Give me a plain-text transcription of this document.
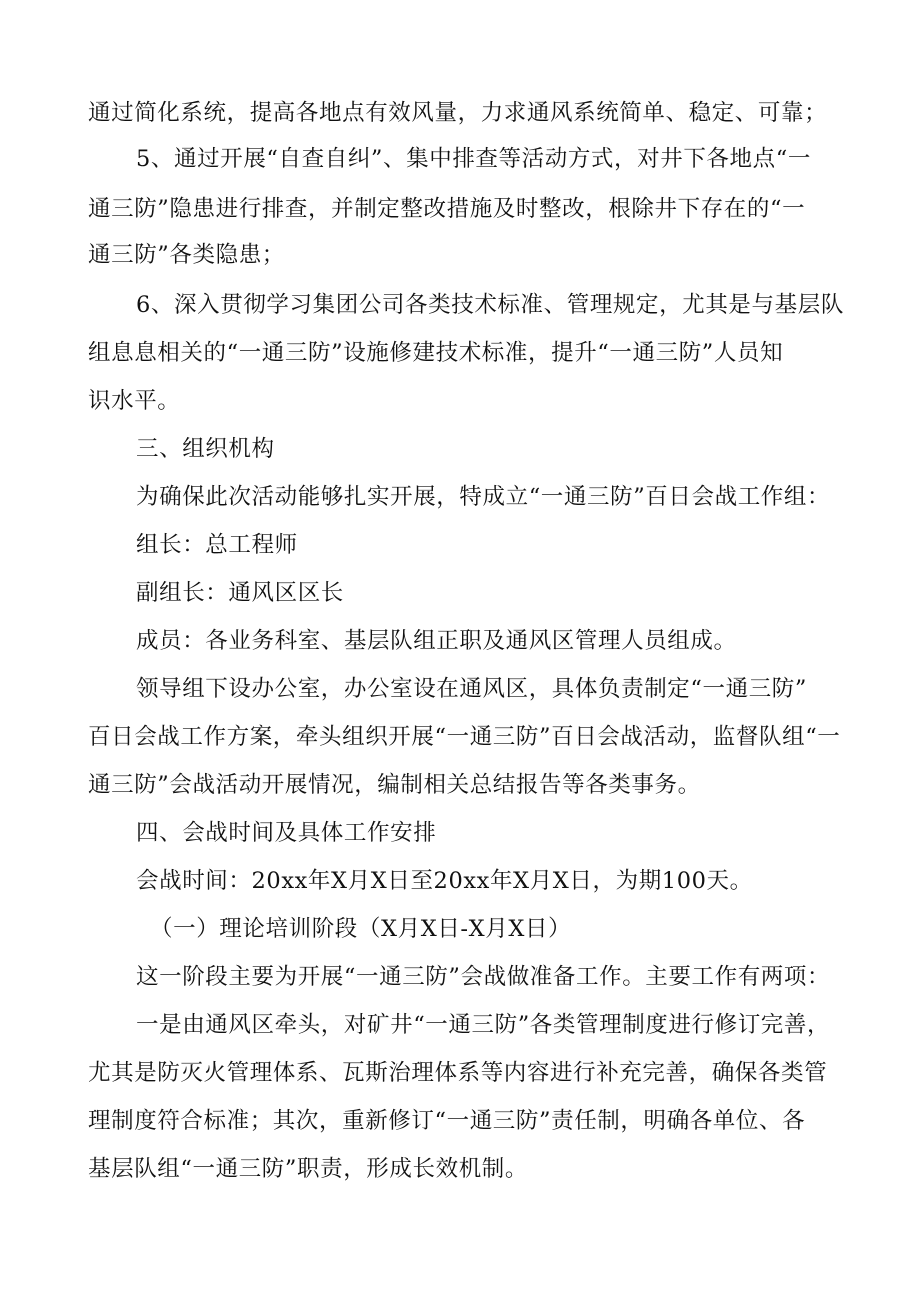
通过简化系统，提高各地点有效风量，力求通风系统简单、稳定、可靠；
5、通过开展“自查自纠”、集中排查等活动方式，对井下各地点“一
通三防”隐患进行排查，并制定整改措施及时整改，根除井下存在的“一
通三防”各类隐患；
6、深入贯彻学习集团公司各类技术标准、管理规定，尤其是与基层队
组息息相关的“一通三防”设施修建技术标准，提升“一通三防”人员知
识水平。
三、组织机构
为确保此次活动能够扎实开展，特成立“一通三防”百日会战工作组：
组长：总工程师
副组长：通风区区长
成员：各业务科室、基层队组正职及通风区管理人员组成。
领导组下设办公室，办公室设在通风区，具体负责制定“一通三防”
百日会战工作方案，牵头组织开展“一通三防”百日会战活动，监督队组“一
通三防”会战活动开展情况，编制相关总结报告等各类事务。
四、会战时间及具体工作安排
会战时间：20xx年X月X日至20xx年X月X日，为期100天。
（一）理论培训阶段（X月X日-X月X日）
这一阶段主要为开展“一通三防”会战做准备工作。主要工作有两项：
一是由通风区牵头，对矿井“一通三防”各类管理制度进行修订完善，
尤其是防灭火管理体系、瓦斯治理体系等内容进行补充完善，确保各类管
理制度符合标准；其次，重新修订“一通三防”责任制，明确各单位、各
基层队组“一通三防”职责，形成长效机制。
